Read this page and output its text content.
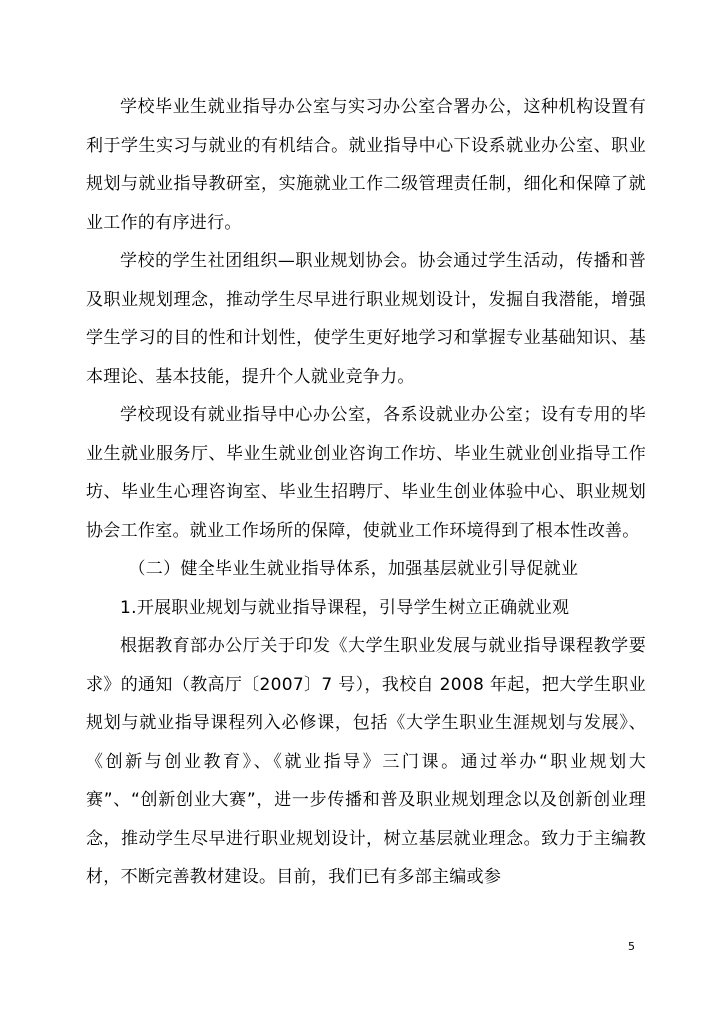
学校毕业生就业指导办公室与实习办公室合署办公，这种机构设置有利于学生实习与就业的有机结合。就业指导中心下设系就业办公室、职业规划与就业指导教研室，实施就业工作二级管理责任制，细化和保障了就业工作的有序进行。

学校的学生社团组织—职业规划协会。协会通过学生活动，传播和普及职业规划理念，推动学生尽早进行职业规划设计，发掘自我潜能，增强学生学习的目的性和计划性，使学生更好地学习和掌握专业基础知识、基本理论、基本技能，提升个人就业竞争力。

学校现设有就业指导中心办公室，各系设就业办公室；设有专用的毕业生就业服务厅、毕业生就业创业咨询工作坊、毕业生就业创业指导工作坊、毕业生心理咨询室、毕业生招聘厅、毕业生创业体验中心、职业规划协会工作室。就业工作场所的保障，使就业工作环境得到了根本性改善。

（二）健全毕业生就业指导体系，加强基层就业引导促就业

1.开展职业规划与就业指导课程，引导学生树立正确就业观

根据教育部办公厅关于印发《大学生职业发展与就业指导课程教学要求》的通知（教高厅〔2007〕7 号），我校自 2008 年起，把大学生职业规划与就业指导课程列入必修课，包括《大学生职业生涯规划与发展》、《创新与创业教育》、《就业指导》三门课。通过举办“职业规划大赛”、“创新创业大赛”，进一步传播和普及职业规划理念以及创新创业理念，推动学生尽早进行职业规划设计，树立基层就业理念。致力于主编教材，不断完善教材建设。目前，我们已有多部主编或参

5
